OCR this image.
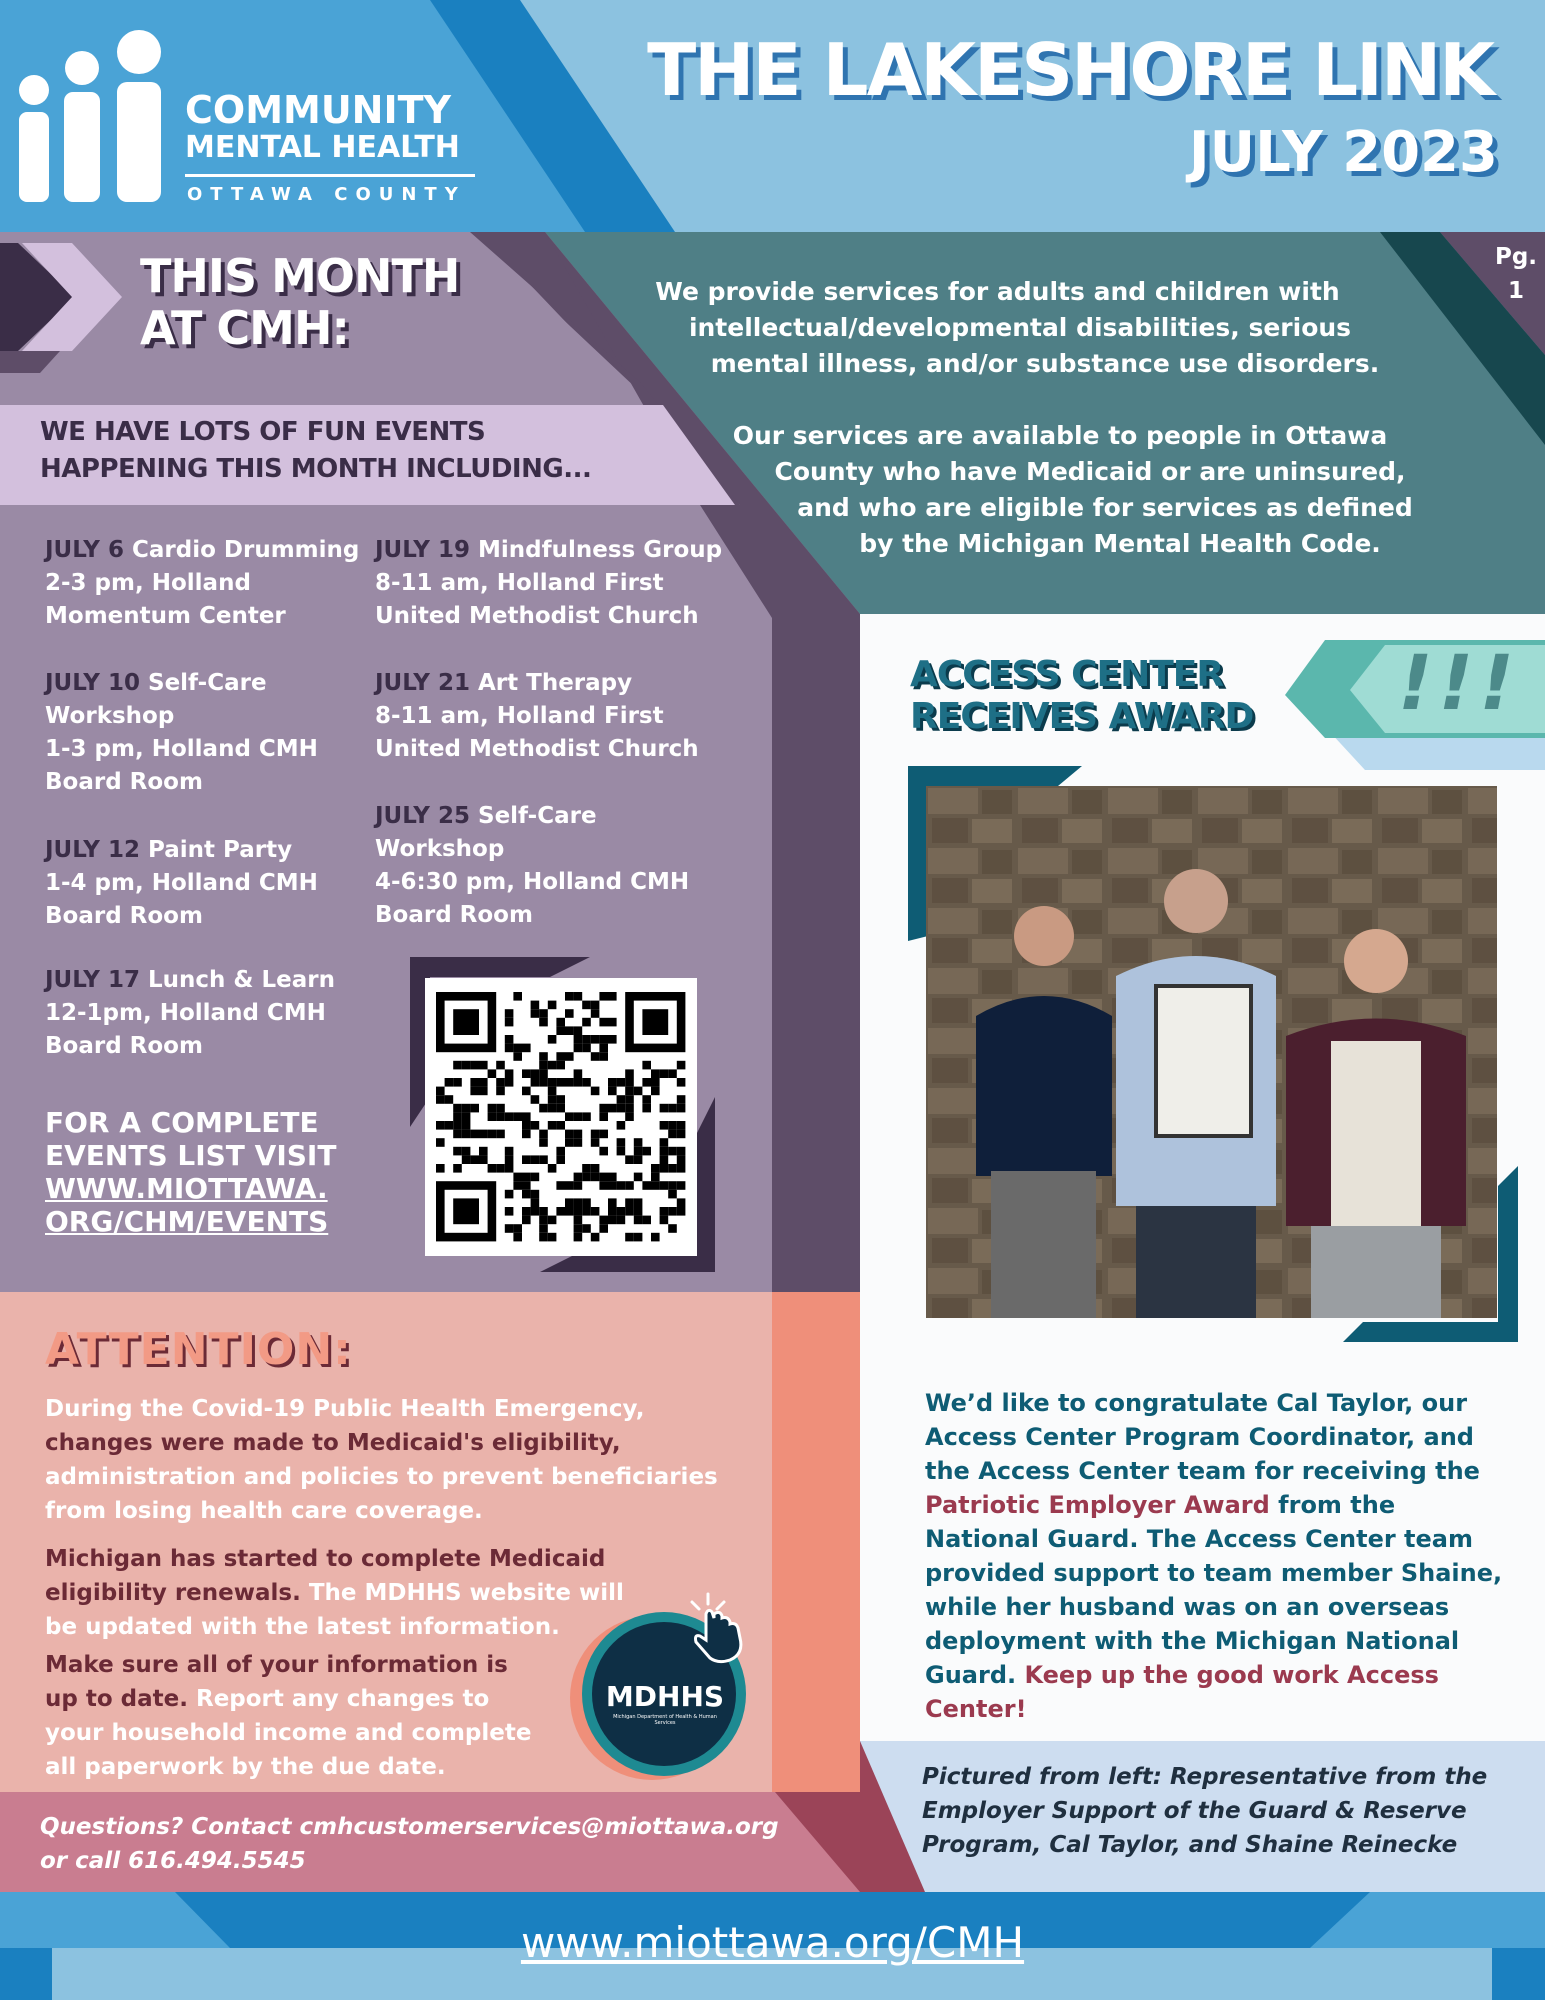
COMMUNITY
MENTAL HEALTH
OTTAWA COUNTY
THE LAKESHORE LINK
JULY 2023
Pg.
1
THIS MONTH
AT CMH:
WE HAVE LOTS OF FUN EVENTS
HAPPENING THIS MONTH INCLUDING...
We provide services for adults and children with
intellectual/developmental disabilities, serious
mental illness, and/or substance use disorders.
Our services are available to people in Ottawa
County who have Medicaid or are uninsured,
and who are eligible for services as defined
by the Michigan Mental Health Code.
JULY 6 Cardio Drumming
2-3 pm, Holland
Momentum Center
JULY 10 Self-Care
Workshop
1-3 pm, Holland CMH
Board Room
JULY 12 Paint Party
1-4 pm, Holland CMH
Board Room
JULY 17 Lunch & Learn
12-1pm, Holland CMH
Board Room
JULY 19 Mindfulness Group
8-11 am, Holland First
United Methodist Church
JULY 21 Art Therapy
8-11 am, Holland First
United Methodist Church
JULY 25 Self-Care
Workshop
4-6:30 pm, Holland CMH
Board Room
FOR A COMPLETE
EVENTS LIST VISIT
WWW.MIOTTAWA.
ORG/CHM/EVENTS
ATTENTION:

During the Covid-19 Public Health Emergency, changes were made to Medicaid's eligibility, administration and policies to prevent beneficiaries from losing health care coverage.

Michigan has started to complete Medicaid eligibility renewals. The MDHHS website will be updated with the latest information.

Make sure all of your information is up to date. Report any changes to your household income and complete all paperwork by the due date.

MDHHS
Michigan Department of Health & Human Services
Questions? Contact cmhcustomerservices@miottawa.org or call 616.494.5545
ACCESS CENTER
RECEIVES AWARD !!!
We’d like to congratulate Cal Taylor, our Access Center Program Coordinator, and the Access Center team for receiving the Patriotic Employer Award from the National Guard. The Access Center team provided support to team member Shaine, while her husband was on an overseas deployment with the Michigan National Guard. Keep up the good work Access Center!
Pictured from left: Representative from the Employer Support of the Guard & Reserve Program, Cal Taylor, and Shaine Reinecke
www.miottawa.org/CMH
